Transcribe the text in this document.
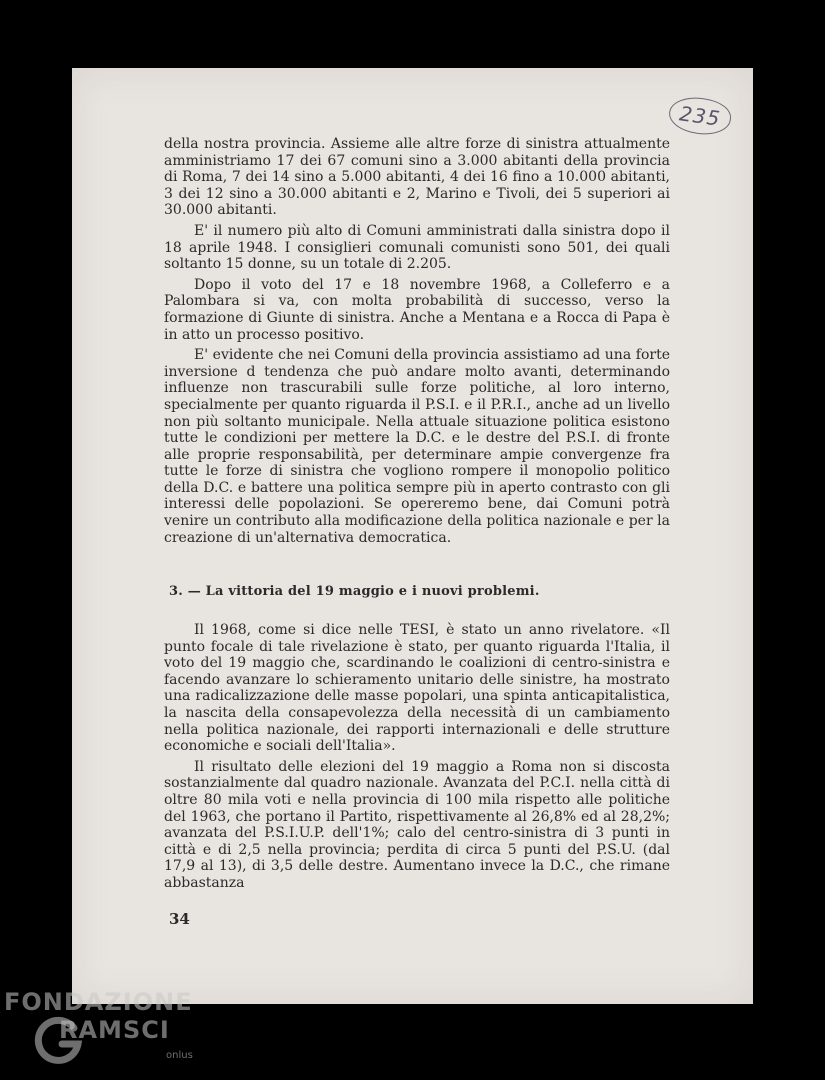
235

della nostra provincia. Assieme alle altre forze di sinistra attualmente amministriamo 17 dei 67 comuni sino a 3.000 abitanti della provincia di Roma, 7 dei 14 sino a 5.000 abitanti, 4 dei 16 fino a 10.000 abitanti, 3 dei 12 sino a 30.000 abitanti e 2, Marino e Tivoli, dei 5 superiori ai 30.000 abitanti.

E' il numero più alto di Comuni amministrati dalla sinistra dopo il 18 aprile 1948. I consiglieri comunali comunisti sono 501, dei quali soltanto 15 donne, su un totale di 2.205.

Dopo il voto del 17 e 18 novembre 1968, a Colleferro e a Palombara si va, con molta probabilità di successo, verso la formazione di Giunte di sinistra. Anche a Mentana e a Rocca di Papa è in atto un processo positivo.

E' evidente che nei Comuni della provincia assistiamo ad una forte inversione d tendenza che può andare molto avanti, determinando influenze non trascurabili sulle forze politiche, al loro interno, specialmente per quanto riguarda il P.S.I. e il P.R.I., anche ad un livello non più soltanto municipale. Nella attuale situazione politica esistono tutte le condizioni per mettere la D.C. e le destre del P.S.I. di fronte alle proprie responsabilità, per determinare ampie convergenze fra tutte le forze di sinistra che vogliono rompere il monopolio politico della D.C. e battere una politica sempre più in aperto contrasto con gli interessi delle popolazioni. Se opereremo bene, dai Comuni potrà venire un contributo alla modificazione della politica nazionale e per la creazione di un'alternativa democratica.

3. — La vittoria del 19 maggio e i nuovi problemi.

Il 1968, come si dice nelle TESI, è stato un anno rivelatore. «Il punto focale di tale rivelazione è stato, per quanto riguarda l'Italia, il voto del 19 maggio che, scardinando le coalizioni di centro-sinistra e facendo avanzare lo schieramento unitario delle sinistre, ha mostrato una radicalizzazione delle masse popolari, una spinta anticapitalistica, la nascita della consapevolezza della necessità di un cambiamento nella politica nazionale, dei rapporti internazionali e delle strutture economiche e sociali dell'Italia».

Il risultato delle elezioni del 19 maggio a Roma non si discosta sostanzialmente dal quadro nazionale. Avanzata del P.C.I. nella città di oltre 80 mila voti e nella provincia di 100 mila rispetto alle politiche del 1963, che portano il Partito, rispettivamente al 26,8% ed al 28,2%; avanzata del P.S.I.U.P. dell'1%; calo del centro-sinistra di 3 punti in città e di 2,5 nella provincia; perdita di circa 5 punti del P.S.U. (dal 17,9 al 13), di 3,5 delle destre. Aumentano invece la D.C., che rimane abbastanza

34
FONDAZIONE
RAMSCI
onlus
